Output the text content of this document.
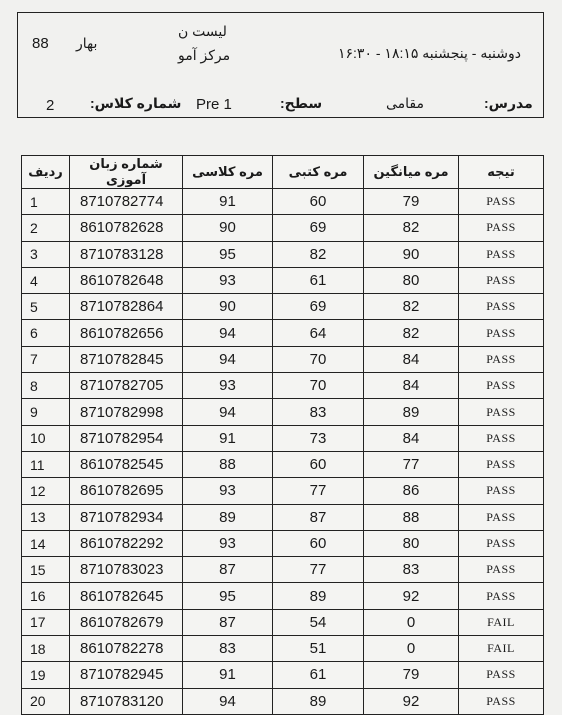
لیست ن
مرکز آمو
بهار
88
دوشنبه - پنجشنبه ۱۸:۱۵ - ۱۶:۳۰
2	شماره کلاس: Pre 1	سطح:	مقامی	مدرس:
ردیف	شماره زبان آموزی	مره کلاسی	مره کتبی	مره میانگین	تیجه
1	8710782774	91	60	79	PASS
2	8610782628	90	69	82	PASS
3	8710783128	95	82	90	PASS
4	8610782648	93	61	80	PASS
5	8710782864	90	69	82	PASS
6	8610782656	94	64	82	PASS
7	8710782845	94	70	84	PASS
8	8710782705	93	70	84	PASS
9	8710782998	94	83	89	PASS
10	8710782954	91	73	84	PASS
11	8610782545	88	60	77	PASS
12	8610782695	93	77	86	PASS
13	8710782934	89	87	88	PASS
14	8610782292	93	60	80	PASS
15	8710783023	87	77	83	PASS
16	8610782645	95	89	92	PASS
17	8610782679	87	54	0	FAIL
18	8610782278	83	51	0	FAIL
19	8710782945	91	61	79	PASS
20	8710783120	94	89	92	PASS
